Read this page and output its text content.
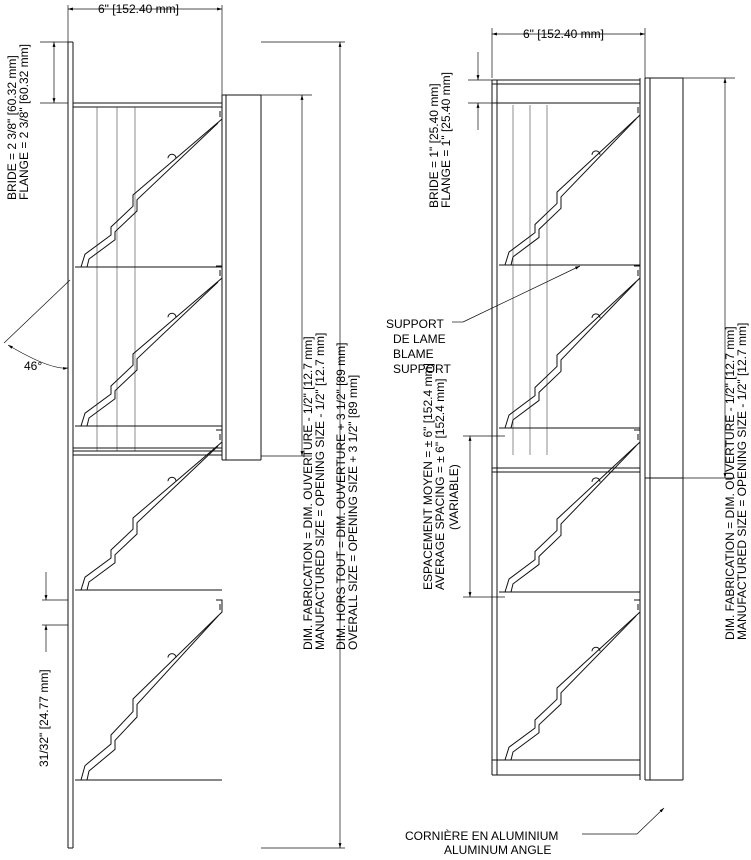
6" [152.40 mm]
BRIDE = 2 3/8" [60.32 mm]
FLANGE = 2 3/8" [60.32 mm]
46°
31/32" [24.77 mm]
DIM. FABRICATION = DIM. OUVERTURE - 1/2" [12.7 mm]
MANUFACTURED SIZE = OPENING SIZE - 1/2" [12.7 mm] DIM. HORS TOUT = DIM. OUVERTURE + 3 1/2" [89 mm]
OVERALL SIZE = OPENING SIZE + 3 1/2" [89 mm]
6" [152.40 mm]
BRIDE = 1" [25.40 mm]
FLANGE = 1" [25.40 mm]
SUPPORT
DE LAME
BLAME
SUPPORT
ESPACEMENT MOYEN = ± 6" [152.4 mm]
AVERAGE SPACING = ± 6" [152.4 mm] (VARIABLE)	DIM. FABRICATION = DIM. OUVERTURE - 1/2" [12.7 mm]
MANUFACTURED SIZE = OPENING SIZE - 1/2" [12.7 mm]
CORNIÈRE EN ALUMINIUM
ALUMINUM ANGLE
